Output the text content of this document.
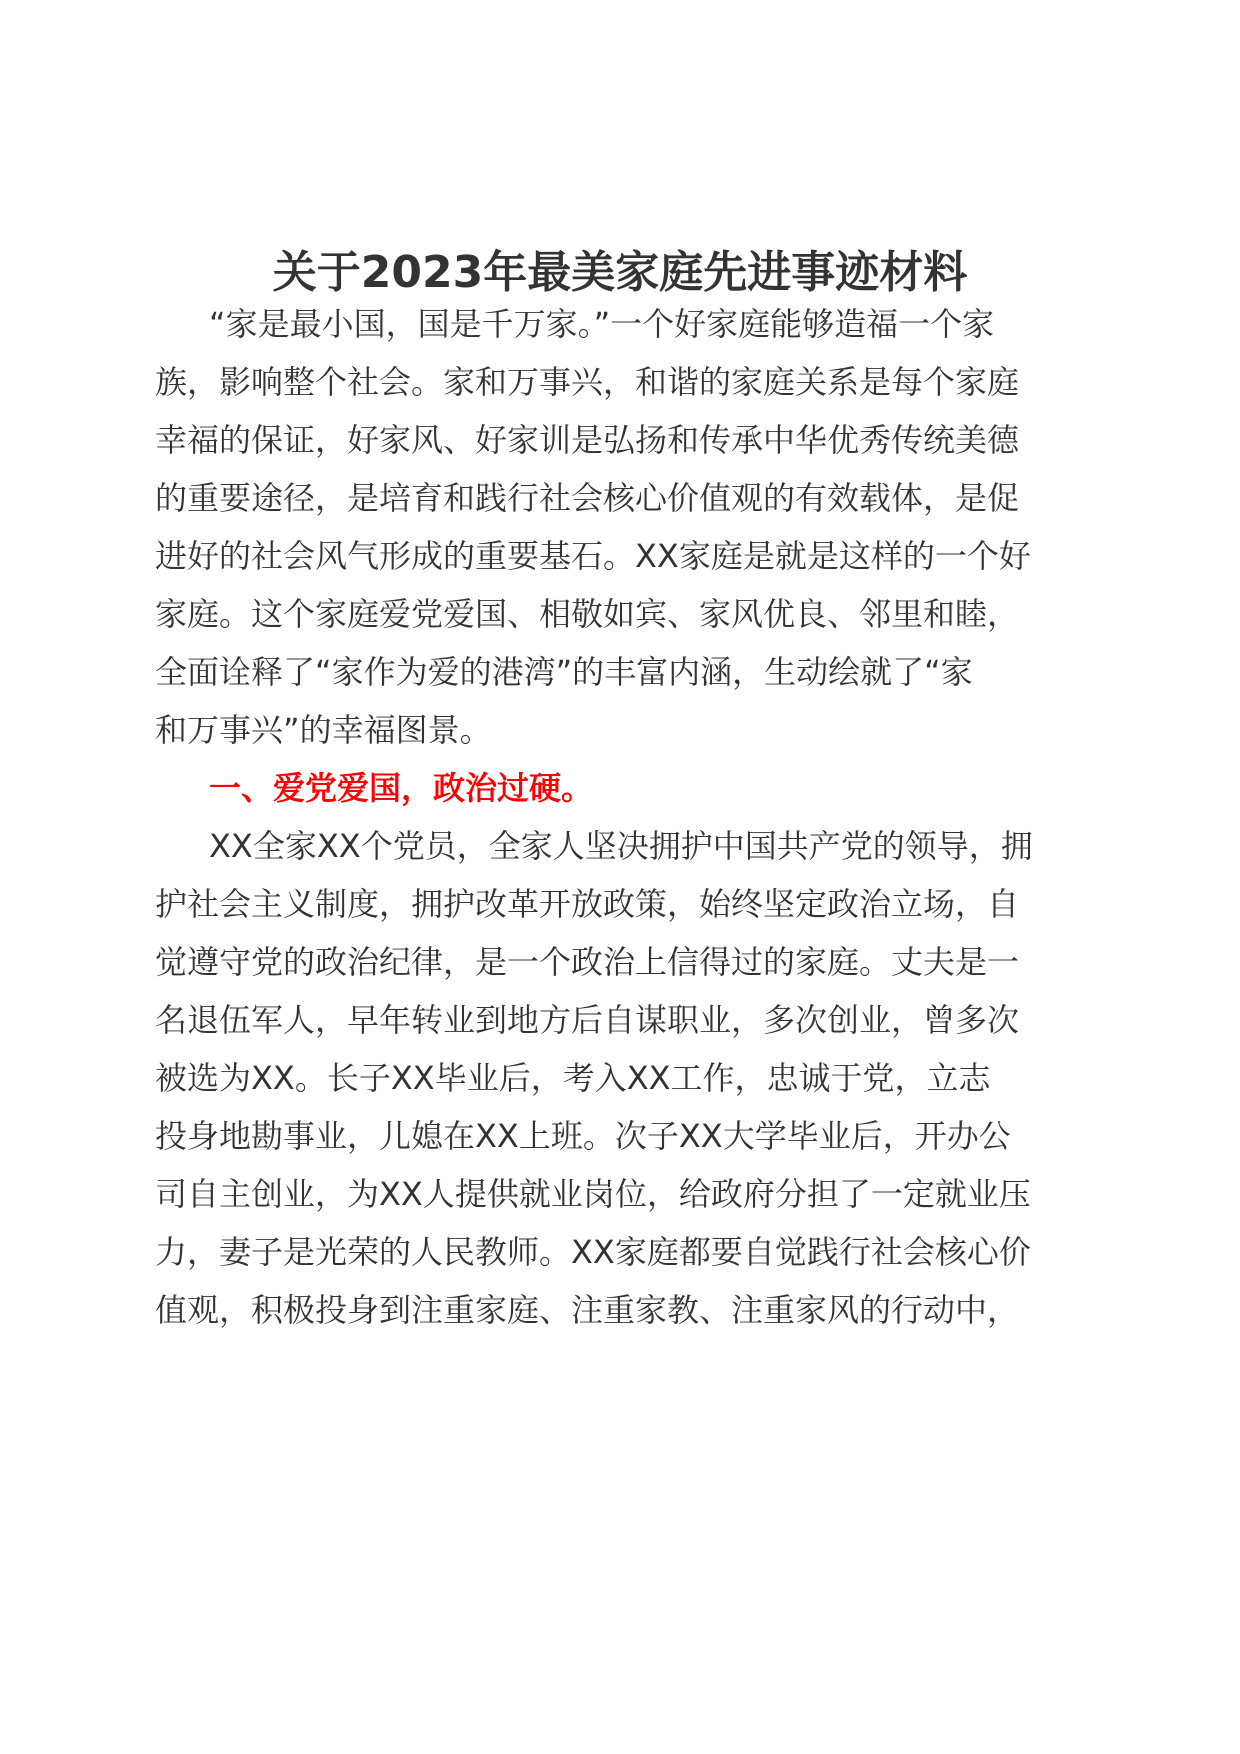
关于2023年最美家庭先进事迹材料
“家是最小国，国是千万家。”一个好家庭能够造福一个家
族，影响整个社会。家和万事兴，和谐的家庭关系是每个家庭
幸福的保证，好家风、好家训是弘扬和传承中华优秀传统美德
的重要途径，是培育和践行社会核心价值观的有效载体，是促
进好的社会风气形成的重要基石。XX家庭是就是这样的一个好
家庭。这个家庭爱党爱国、相敬如宾、家风优良、邻里和睦，
全面诠释了“家作为爱的港湾”的丰富内涵，生动绘就了“家
和万事兴”的幸福图景。
一、爱党爱国，政治过硬。
XX全家XX个党员，全家人坚决拥护中国共产党的领导，拥
护社会主义制度，拥护改革开放政策，始终坚定政治立场，自
觉遵守党的政治纪律，是一个政治上信得过的家庭。丈夫是一
名退伍军人，早年转业到地方后自谋职业，多次创业，曾多次
被选为XX。长子XX毕业后，考入XX工作，忠诚于党，立志
投身地勘事业，儿媳在XX上班。次子XX大学毕业后，开办公
司自主创业，为XX人提供就业岗位，给政府分担了一定就业压
力，妻子是光荣的人民教师。XX家庭都要自觉践行社会核心价
值观，积极投身到注重家庭、注重家教、注重家风的行动中，
